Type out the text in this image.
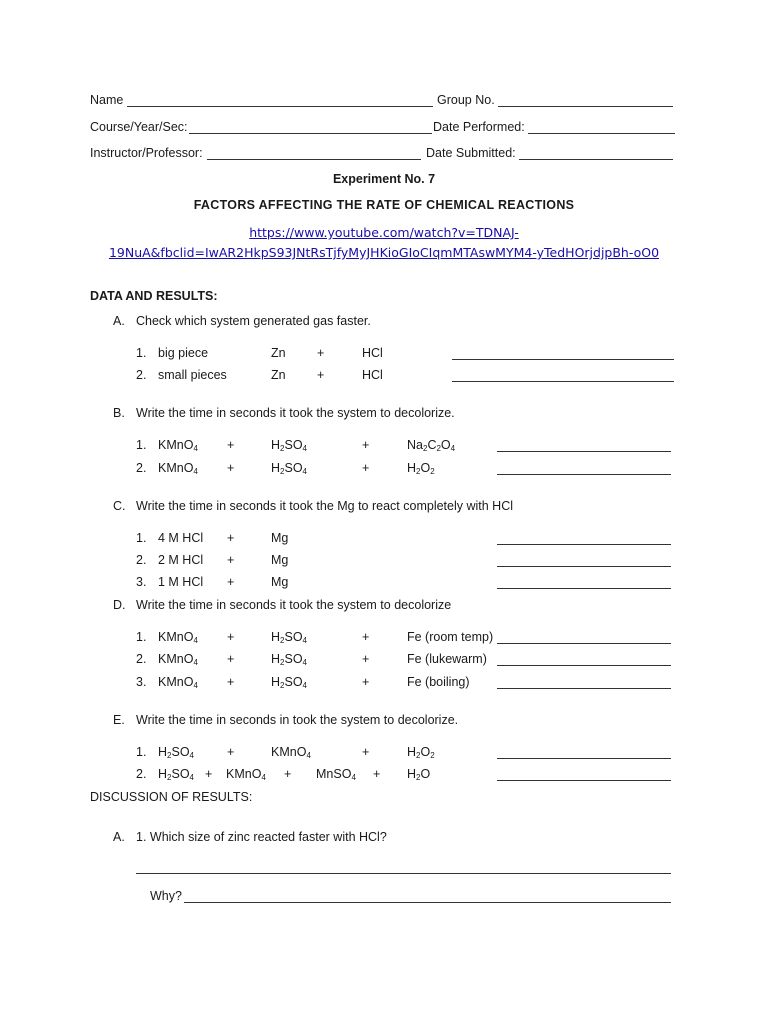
Name	Group No.
Course/Year/Sec:	Date Performed:
Instructor/Professor:	Date Submitted:
Experiment No. 7
FACTORS AFFECTING THE RATE OF CHEMICAL REACTIONS
https://www.youtube.com/watch?v=TDNAJ-
19NuA&fbclid=IwAR2HkpS93JNtRsTjfyMyJHKioGIoCIqmMTAswMYM4-yTedHOrjdjpBh-oO0
DATA AND RESULTS:
A. Check which system generated gas faster.
1. big piece	Zn	+	HCl
2. small pieces	Zn	+	HCl
B. Write the time in seconds it took the system to decolorize.
1. KMnO$_4$ +	$H_2SO_4$	+	$Na_2C_2O_4$
2. KMnO$_4$ +	$H_2SO_4$	+	$H_2O_2$
C. Write the time in seconds it took the Mg to react completely with HCl
1. 4 M HCl +	Mg
2. 2 M HCl +	Mg
3. 1 M HCl +	Mg
D. Write the time in seconds it took the system to decolorize
1. KMnO$_4$ +	$H_2SO_4$	+	Fe (room temp)
2. KMnO$_4$ +	$H_2SO_4$	+	Fe (lukewarm)
3. KMnO$_4$ +	$H_2SO_4$	+	Fe (boiling)
E. Write the time in seconds in took the system to decolorize.
1. $H_2SO_4$	+	KMnO$_4$	+	$H_2O_2$
2. $H_2SO_4$ + KMnO$_4$ + MnSO$_4$ + $H_2O$
DISCUSSION OF RESULTS:
A. 1. Which size of zinc reacted faster with HCl?
Why?
